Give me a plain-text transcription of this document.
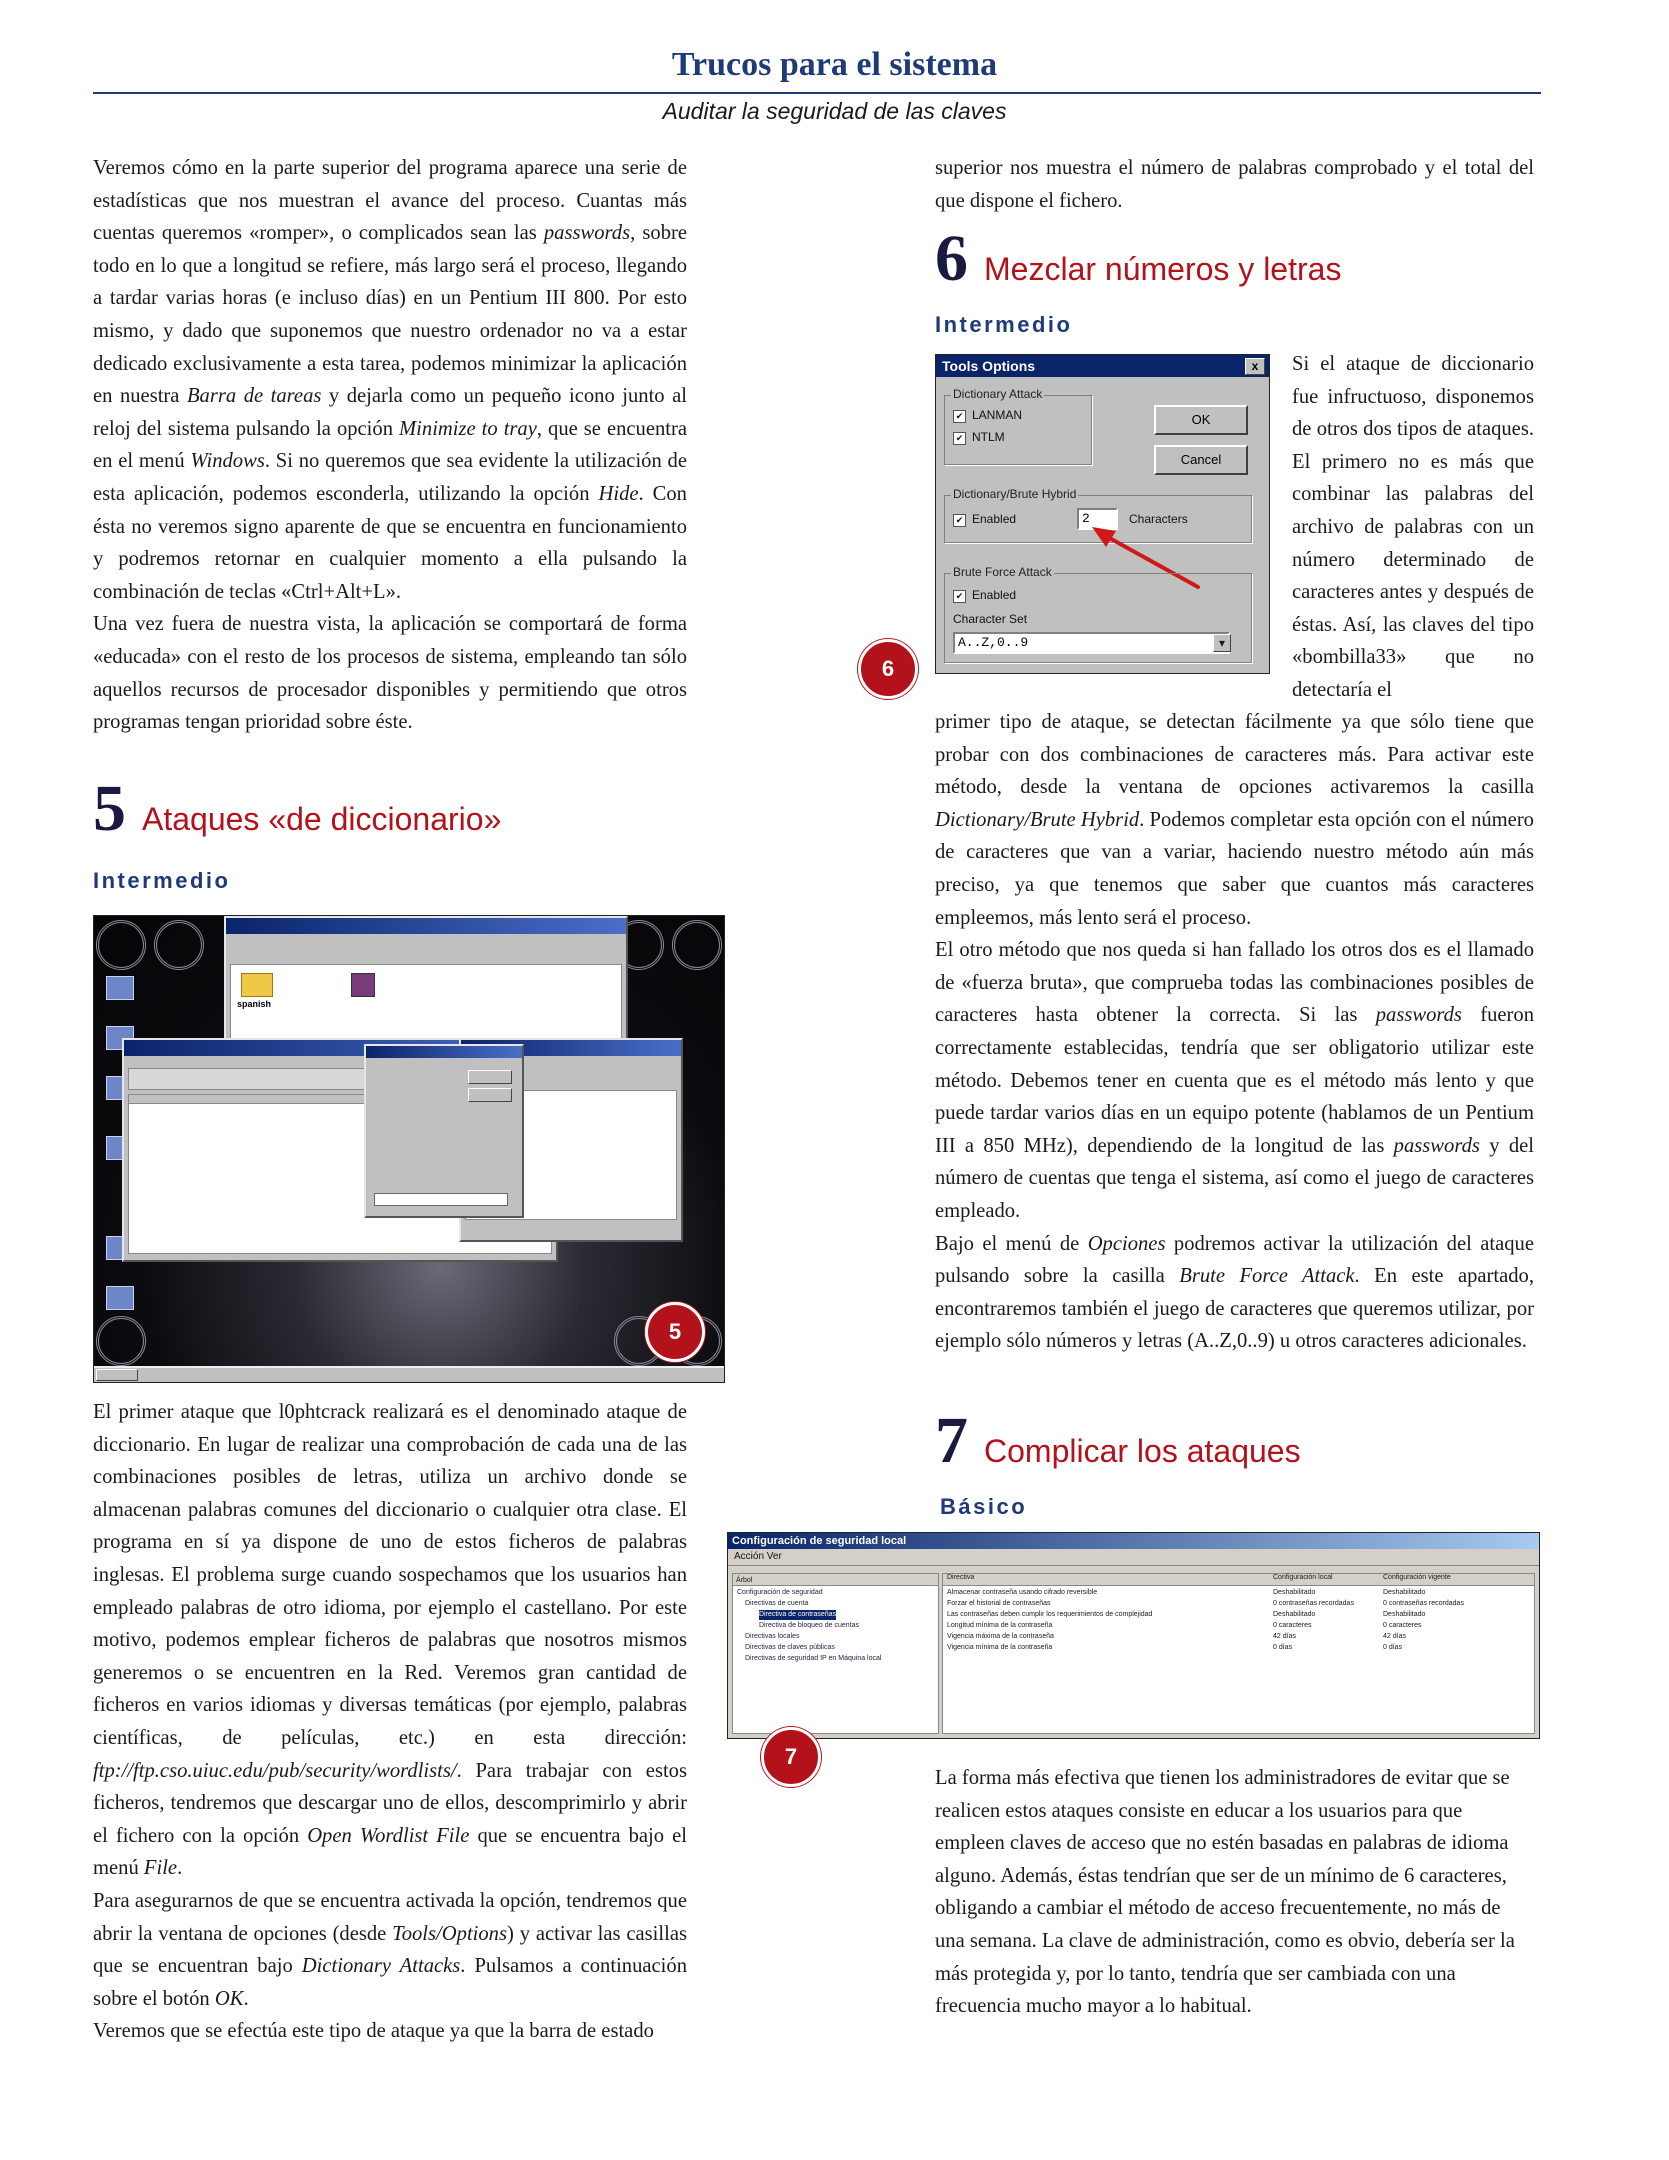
Trucos para el sistema
Auditar la seguridad de las claves

Veremos cómo en la parte superior del programa aparece una serie de estadísticas que nos muestran el avance del proceso. Cuantas más cuentas queremos «romper», o complicados sean las passwords, sobre todo en lo que a longitud se refiere, más largo será el proceso, llegando a tardar varias horas (e incluso días) en un Pentium III 800. Por esto mismo, y dado que suponemos que nuestro ordenador no va a estar dedicado exclusivamente a esta tarea, podemos minimizar la aplicación en nuestra Barra de tareas y dejarla como un pequeño icono junto al reloj del sistema pulsando la opción Minimize to tray, que se encuentra en el menú Windows. Si no queremos que sea evidente la utilización de esta aplicación, podemos esconderla, utilizando la opción Hide. Con ésta no veremos signo aparente de que se encuentra en funcionamiento y podremos retornar en cualquier momento a ella pulsando la combinación de teclas «Ctrl+Alt+L».

Una vez fuera de nuestra vista, la aplicación se comportará de forma «educada» con el resto de los procesos de sistema, empleando tan sólo aquellos recursos de procesador disponibles y permitiendo que otros programas tengan prioridad sobre éste.

5 Ataques «de diccionario»
Intermedio
spanish
5

El primer ataque que l0phtcrack realizará es el denominado ataque de diccionario. En lugar de realizar una comprobación de cada una de las combinaciones posibles de letras, utiliza un archivo donde se almacenan palabras comunes del diccionario o cualquier otra clase. El programa en sí ya dispone de uno de estos ficheros de palabras inglesas. El problema surge cuando sospechamos que los usuarios han empleado palabras de otro idioma, por ejemplo el castellano. Por este motivo, podemos emplear ficheros de palabras que nosotros mismos generemos o se encuentren en la Red. Veremos gran cantidad de ficheros en varios idiomas y diversas temáticas (por ejemplo, palabras científicas, de películas, etc.) en esta dirección: ftp://ftp.cso.uiuc.edu/pub/security/wordlists/. Para trabajar con estos ficheros, tendremos que descargar uno de ellos, descomprimirlo y abrir el fichero con la opción Open Wordlist File que se encuentra bajo el menú File.

Para asegurarnos de que se encuentra activada la opción, tendremos que abrir la ventana de opciones (desde Tools/Options) y activar las casillas que se encuentran bajo Dictionary Attacks. Pulsamos a continuación sobre el botón OK.

Veremos que se efectúa este tipo de ataque ya que la barra de estado

superior nos muestra el número de palabras comprobado y el total del que dispone el fichero.

6 Mezclar números y letras
Intermedio
Tools Options	x
Dictionary Attack
✔ LANMAN
✔ NTLM
OK
Cancel
Dictionary/Brute Hybrid
✔ Enabled	2	Characters
Brute Force Attack
✔ Enabled
Character Set
A..Z,0..9	▾
6

Si el ataque de diccionario fue infructuoso, disponemos de otros dos tipos de ataques. El primero no es más que combinar las palabras del archivo de palabras con un número determinado de caracteres antes y después de éstas. Así, las claves del tipo «bombilla33» que no detectaría el

primer tipo de ataque, se detectan fácilmente ya que sólo tiene que probar con dos combinaciones de caracteres más. Para activar este método, desde la ventana de opciones activaremos la casilla Dictionary/Brute Hybrid. Podemos completar esta opción con el número de caracteres que van a variar, haciendo nuestro método aún más preciso, ya que tenemos que saber que cuantos más caracteres empleemos, más lento será el proceso.

El otro método que nos queda si han fallado los otros dos es el llamado de «fuerza bruta», que comprueba todas las combinaciones posibles de caracteres hasta obtener la correcta. Si las passwords fueron correctamente establecidas, tendría que ser obligatorio utilizar este método. Debemos tener en cuenta que es el método más lento y que puede tardar varios días en un equipo potente (hablamos de un Pentium III a 850 MHz), dependiendo de la longitud de las passwords y del número de cuentas que tenga el sistema, así como el juego de caracteres empleado.

Bajo el menú de Opciones podremos activar la utilización del ataque pulsando sobre la casilla Brute Force Attack. En este apartado, encontraremos también el juego de caracteres que queremos utilizar, por ejemplo sólo números y letras (A..Z,0..9) u otros caracteres adicionales.

7 Complicar los ataques
Básico
Configuración de seguridad local
Acción Ver
Árbol
Configuración de seguridad
Directivas de cuenta
Directiva de contraseñas
Directiva de bloqueo de cuentas
Directivas locales
Directivas de claves públicas
Directivas de seguridad IP en Máquina local
Directiva	Configuración local	Configuración vigente
Almacenar contraseña usando cifrado reversible	Deshabilitado	Deshabilitado
Forzar el historial de contraseñas	0 contraseñas recordadas	0 contraseñas recordadas
Las contraseñas deben cumplir los requerimientos de complejidad	Deshabilitado	Deshabilitado
Longitud mínima de la contraseña	0 caracteres	0 caracteres
Vigencia máxima de la contraseña	42 días	42 días
Vigencia mínima de la contraseña	0 días	0 días
7

La forma más efectiva que tienen los administradores de evitar que se realicen estos ataques consiste en educar a los usuarios para que empleen claves de acceso que no estén basadas en palabras de idioma alguno. Además, éstas tendrían que ser de un mínimo de 6 caracteres, obligando a cambiar el método de acceso frecuentemente, no más de una semana. La clave de administración, como es obvio, debería ser la más protegida y, por lo tanto, tendría que ser cambiada con una frecuencia mucho mayor a lo habitual.
